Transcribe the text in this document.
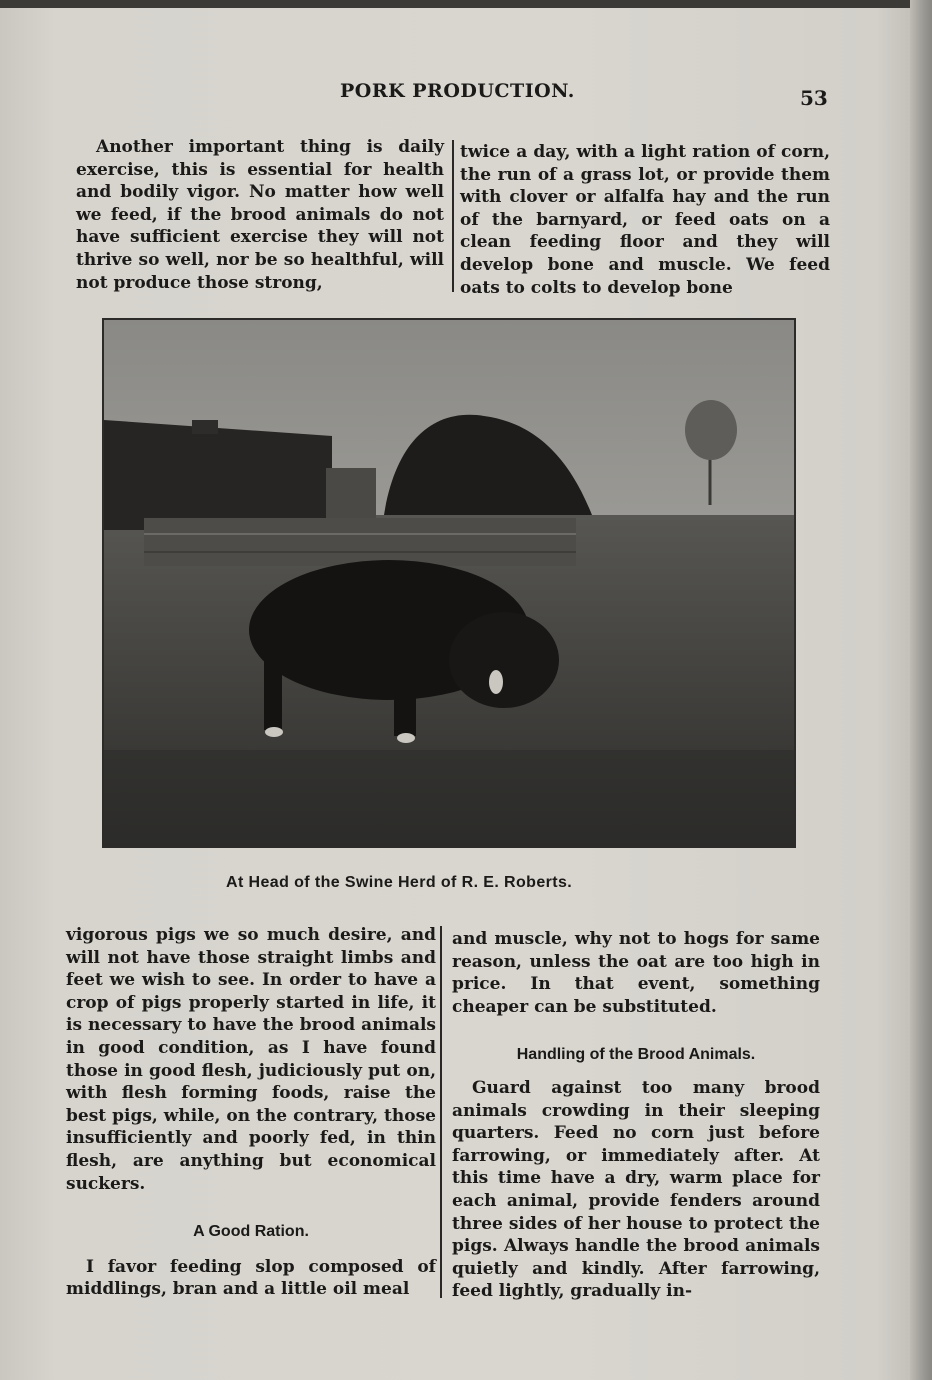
PORK PRODUCTION.	53

Another important thing is daily exercise, this is essential for health and bodily vigor. No matter how well we feed, if the brood animals do not have sufficient exercise they will not thrive so well, nor be so healthful, will not produce those strong,

twice a day, with a light ration of corn, the run of a grass lot, or provide them with clover or alfalfa hay and the run of the barnyard, or feed oats on a clean feeding floor and they will develop bone and muscle. We feed oats to colts to develop bone

At Head of the Swine Herd of R. E. Roberts.

vigorous pigs we so much desire, and will not have those straight limbs and feet we wish to see. In order to have a crop of pigs properly started in life, it is necessary to have the brood animals in good condition, as I have found those in good flesh, judiciously put on, with flesh forming foods, raise the best pigs, while, on the contrary, those insufficiently and poorly fed, in thin flesh, are anything but economical suckers.

A Good Ration.

I favor feeding slop composed of middlings, bran and a little oil meal

and muscle, why not to hogs for same reason, unless the oat are too high in price. In that event, something cheaper can be substituted.

Handling of the Brood Animals.

Guard against too many brood animals crowding in their sleeping quarters. Feed no corn just before farrowing, or immediately after. At this time have a dry, warm place for each animal, provide fenders around three sides of her house to protect the pigs. Always handle the brood animals quietly and kindly. After farrowing, feed lightly, gradually in-
